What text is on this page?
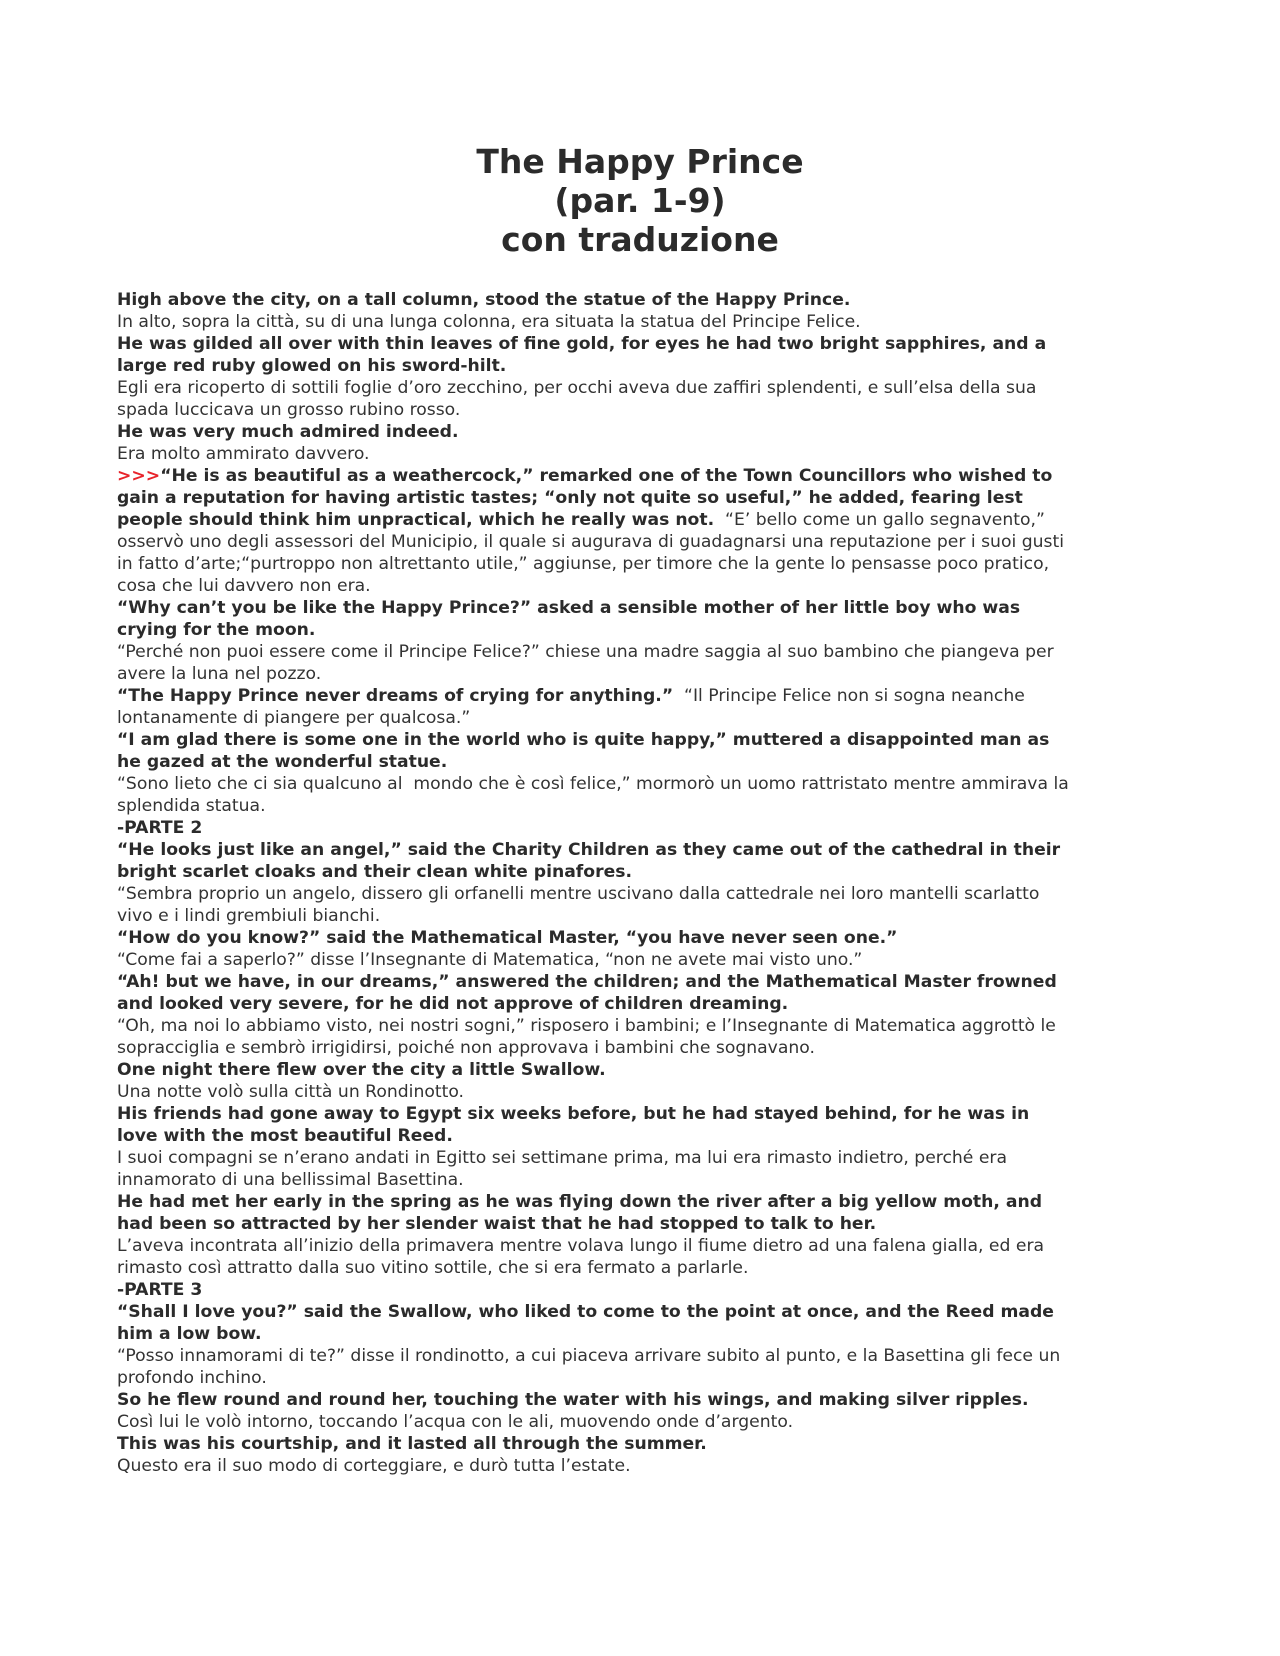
The Happy Prince
(par. 1-9)
con traduzione
High above the city, on a tall column, stood the statue of the Happy Prince.
In alto, sopra la città, su di una lunga colonna, era situata la statua del Principe Felice.
He was gilded all over with thin leaves of fine gold, for eyes he had two bright sapphires, and a
large red ruby glowed on his sword-hilt.
Egli era ricoperto di sottili foglie d’oro zecchino, per occhi aveva due zaffiri splendenti, e sull’elsa della sua
spada luccicava un grosso rubino rosso.
He was very much admired indeed.
Era molto ammirato davvero.
>>>“He is as beautiful as a weathercock,” remarked one of the Town Councillors who wished to
gain a reputation for having artistic tastes; “only not quite so useful,” he added, fearing lest
people should think him unpractical, which he really was not.  “E’ bello come un gallo segnavento,”
osservò uno degli assessori del Municipio, il quale si augurava di guadagnarsi una reputazione per i suoi gusti
in fatto d’arte;“purtroppo non altrettanto utile,” aggiunse, per timore che la gente lo pensasse poco pratico,
cosa che lui davvero non era.
“Why can’t you be like the Happy Prince?” asked a sensible mother of her little boy who was
crying for the moon.
“Perché non puoi essere come il Principe Felice?” chiese una madre saggia al suo bambino che piangeva per
avere la luna nel pozzo.
“The Happy Prince never dreams of crying for anything.”  “Il Principe Felice non si sogna neanche
lontanamente di piangere per qualcosa.”
“I am glad there is some one in the world who is quite happy,” muttered a disappointed man as
he gazed at the wonderful statue.
“Sono lieto che ci sia qualcuno al  mondo che è così felice,” mormorò un uomo rattristato mentre ammirava la
splendida statua.
-PARTE 2
“He looks just like an angel,” said the Charity Children as they came out of the cathedral in their
bright scarlet cloaks and their clean white pinafores.
“Sembra proprio un angelo, dissero gli orfanelli mentre uscivano dalla cattedrale nei loro mantelli scarlatto
vivo e i lindi grembiuli bianchi.
“How do you know?” said the Mathematical Master, “you have never seen one.”
“Come fai a saperlo?” disse l’Insegnante di Matematica, “non ne avete mai visto uno.”
“Ah! but we have, in our dreams,” answered the children; and the Mathematical Master frowned
and looked very severe, for he did not approve of children dreaming.
“Oh, ma noi lo abbiamo visto, nei nostri sogni,” risposero i bambini; e l’Insegnante di Matematica aggrottò le
sopracciglia e sembrò irrigidirsi, poiché non approvava i bambini che sognavano.
One night there flew over the city a little Swallow.
Una notte volò sulla città un Rondinotto.
His friends had gone away to Egypt six weeks before, but he had stayed behind, for he was in
love with the most beautiful Reed.
I suoi compagni se n’erano andati in Egitto sei settimane prima, ma lui era rimasto indietro, perché era
innamorato di una bellissimal Basettina.
He had met her early in the spring as he was flying down the river after a big yellow moth, and
had been so attracted by her slender waist that he had stopped to talk to her.
L’aveva incontrata all’inizio della primavera mentre volava lungo il fiume dietro ad una falena gialla, ed era
rimasto così attratto dalla suo vitino sottile, che si era fermato a parlarle.
-PARTE 3
“Shall I love you?” said the Swallow, who liked to come to the point at once, and the Reed made
him a low bow.
“Posso innamorami di te?” disse il rondinotto, a cui piaceva arrivare subito al punto, e la Basettina gli fece un
profondo inchino.
So he flew round and round her, touching the water with his wings, and making silver ripples.
Così lui le volò intorno, toccando l’acqua con le ali, muovendo onde d’argento.
This was his courtship, and it lasted all through the summer.
Questo era il suo modo di corteggiare, e durò tutta l’estate.
